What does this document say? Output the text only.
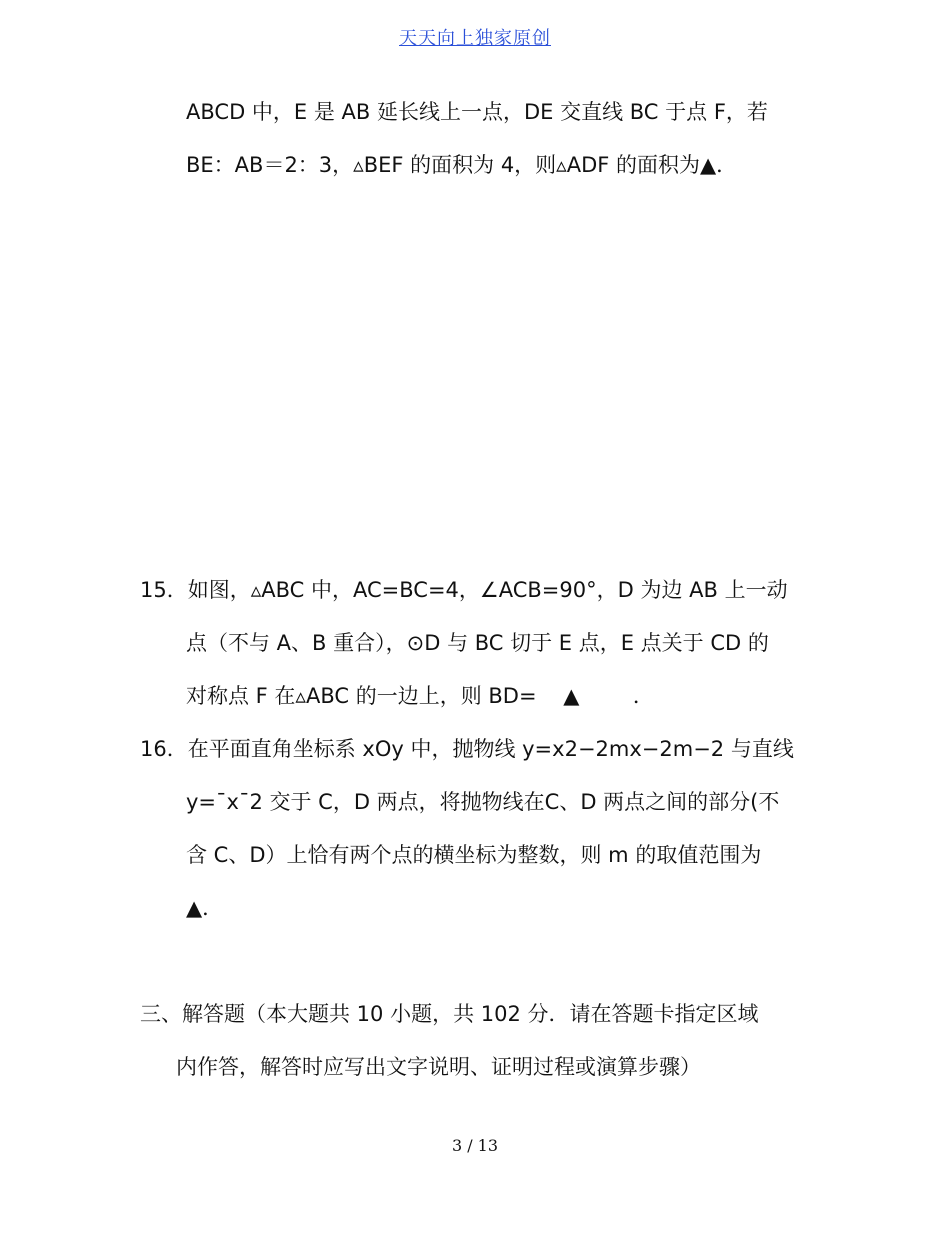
天天向上独家原创
ABCD 中，E 是 AB 延长线上一点，DE 交直线 BC 于点 F，若
BE：AB＝2：3，▵BEF 的面积为 4，则▵ADF 的面积为▲．
15．如图，▵ABC 中，AC=BC=4，∠ACB=90°，D 为边 AB 上一动
点（不与 A、B 重合），⊙D 与 BC 切于 E 点，E 点关于 CD 的
对称点 F 在▵ABC 的一边上，则 BD=    ▲        ．
16．在平面直角坐标系 xOy 中，抛物线 y=x2−2mx−2m−2 与直线
y=¯x¯2 交于 C，D 两点，将抛物线在C、D 两点之间的部分(不
含 C、D）上恰有两个点的横坐标为整数，则 m 的取值范围为
▲．
三、解答题（本大题共 10 小题，共 102 分．请在答题卡指定区域
内作答，解答时应写出文字说明、证明过程或演算步骤）
3 / 13
